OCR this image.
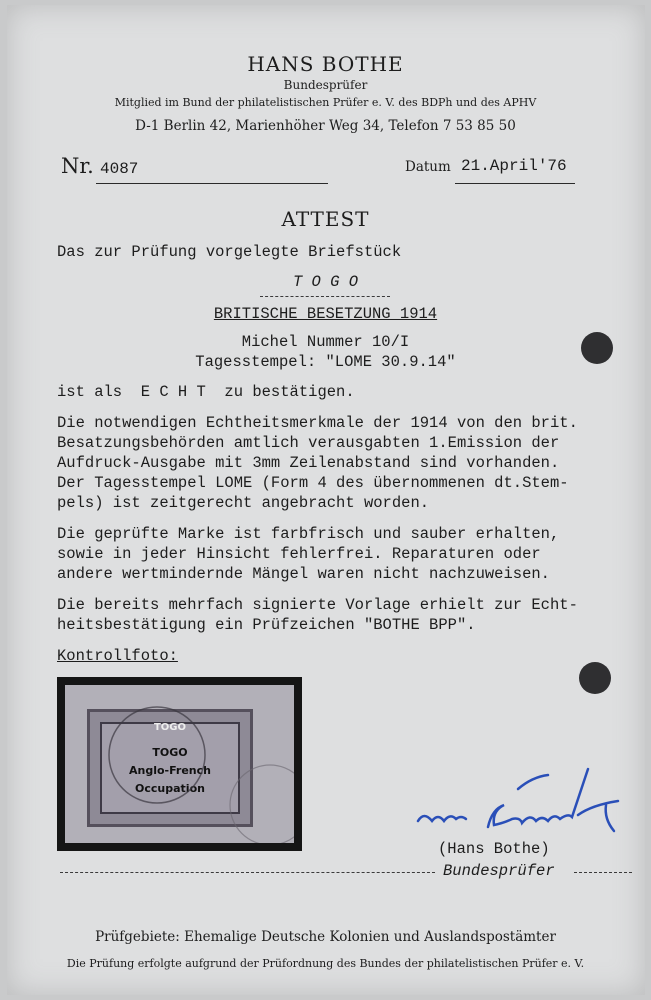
HANS BOTHE
Bundesprüfer
Mitglied im Bund der philatelistischen Prüfer e. V. des BDPh und des APHV
D-1 Berlin 42, Marienhöher Weg 34, Telefon 7 53 85 50
Nr. 4087	Datum 21.April'76
ATTEST
Das zur Prüfung vorgelegte Briefstück
T O G O
BRITISCHE BESETZUNG 1914
Michel Nummer 10/I
Tagesstempel: "LOME 30.9.14"
ist als  E C H T  zu bestätigen.
Die notwendigen Echtheitsmerkmale der 1914 von den brit.
Besatzungsbehörden amtlich verausgabten 1.Emission der
Aufdruck-Ausgabe mit 3mm Zeilenabstand sind vorhanden.
Der Tagesstempel LOME (Form 4 des übernommenen dt.Stem-
pels) ist zeitgerecht angebracht worden.
Die geprüfte Marke ist farbfrisch und sauber erhalten,
sowie in jeder Hinsicht fehlerfrei. Reparaturen oder
andere wertmindernde Mängel waren nicht nachzuweisen.
Die bereits mehrfach signierte Vorlage erhielt zur Echt-
heitsbestätigung ein Prüfzeichen "BOTHE BPP".
Kontrollfoto:
TOGO
TOGO
Anglo-French
Occupation
(Hans Bothe)
Bundesprüfer
Prüfgebiete: Ehemalige Deutsche Kolonien und Auslandspostämter
Die Prüfung erfolgte aufgrund der Prüfordnung des Bundes der philatelistischen Prüfer e. V.
